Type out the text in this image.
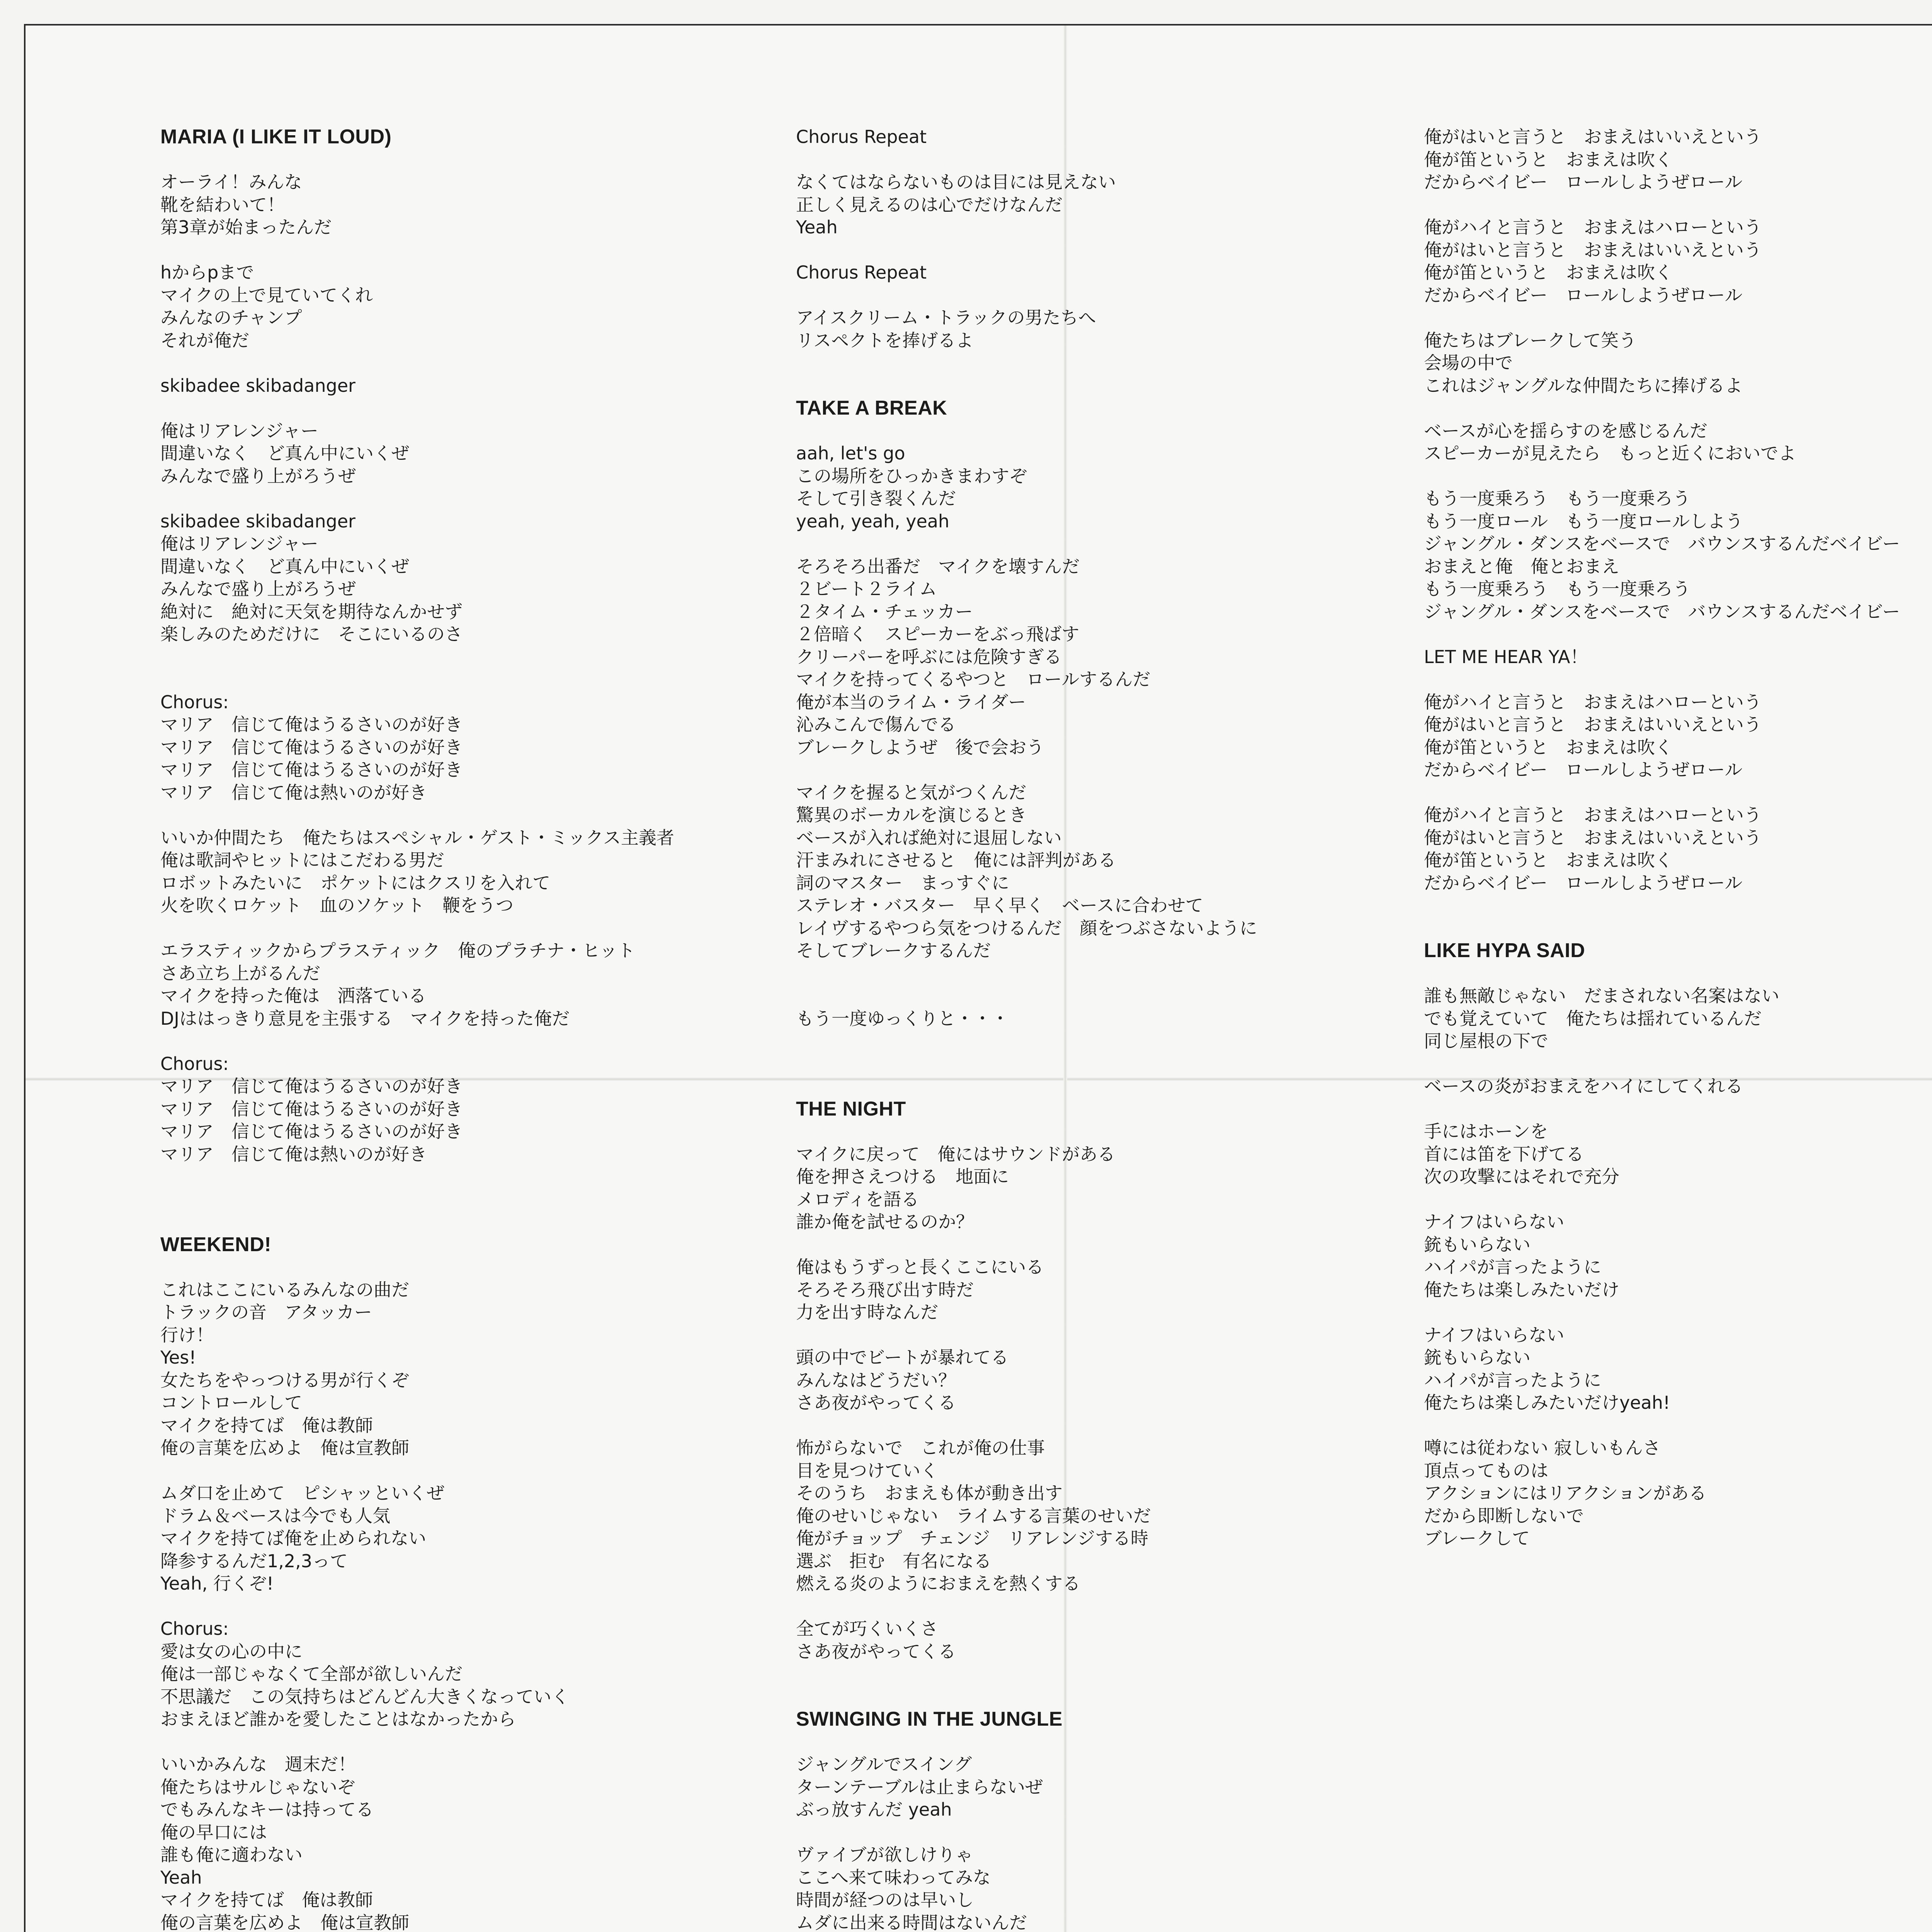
MARIA (I LIKE IT LOUD)
オーライ！みんな
靴を結わいて！
第3章が始まったんだ
hからpまで
マイクの上で見ていてくれ
みんなのチャンプ
それが俺だ
skibadee skibadanger
俺はリアレンジャー
間違いなく　ど真ん中にいくぜ
みんなで盛り上がろうぜ
skibadee skibadanger
俺はリアレンジャー
間違いなく　ど真ん中にいくぜ
みんなで盛り上がろうぜ
絶対に　絶対に天気を期待なんかせず
楽しみのためだけに　そこにいるのさ
Chorus:
マリア　信じて俺はうるさいのが好き
マリア　信じて俺はうるさいのが好き
マリア　信じて俺はうるさいのが好き
マリア　信じて俺は熱いのが好き
いいか仲間たち　俺たちはスペシャル・ゲスト・ミックス主義者
俺は歌詞やヒットにはこだわる男だ
ロボットみたいに　ポケットにはクスリを入れて
火を吹くロケット　血のソケット　鞭をうつ
エラスティックからプラスティック　俺のプラチナ・ヒット
さあ立ち上がるんだ
マイクを持った俺は　洒落ている
DJははっきり意見を主張する　マイクを持った俺だ
Chorus:
マリア　信じて俺はうるさいのが好き
マリア　信じて俺はうるさいのが好き
マリア　信じて俺はうるさいのが好き
マリア　信じて俺は熱いのが好き
WEEKEND!
これはここにいるみんなの曲だ
トラックの音　アタッカー
行け！
Yes!
女たちをやっつける男が行くぞ
コントロールして
マイクを持てば　俺は教師
俺の言葉を広めよ　俺は宣教師
ムダ口を止めて　ピシャッといくぜ
ドラム＆ベースは今でも人気
マイクを持てば俺を止められない
降参するんだ1,2,3って
Yeah, 行くぞ!
Chorus:
愛は女の心の中に
俺は一部じゃなくて全部が欲しいんだ
不思議だ　この気持ちはどんどん大きくなっていく
おまえほど誰かを愛したことはなかったから
いいかみんな　週末だ！
俺たちはサルじゃないぞ
でもみんなキーは持ってる
俺の早口には
誰も俺に適わない
Yeah
マイクを持てば　俺は教師
俺の言葉を広めよ　俺は宣教師
Chorus Repeat
なくてはならないものは目には見えない
正しく見えるのは心でだけなんだ
Yeah
Chorus Repeat
アイスクリーム・トラックの男たちへ
リスペクトを捧げるよ
TAKE A BREAK
aah, let's go
この場所をひっかきまわすぞ
そして引き裂くんだ
yeah, yeah, yeah
そろそろ出番だ　マイクを壊すんだ
２ビート２ライム
２タイム・チェッカー
２倍暗く　スピーカーをぶっ飛ばす
クリーパーを呼ぶには危険すぎる
マイクを持ってくるやつと　ロールするんだ
俺が本当のライム・ライダー
沁みこんで傷んでる
ブレークしようぜ　後で会おう
マイクを握ると気がつくんだ
驚異のボーカルを演じるとき
ベースが入れば絶対に退屈しない
汗まみれにさせると　俺には評判がある
詞のマスター　まっすぐに
ステレオ・バスター　早く早く　ベースに合わせて
レイヴするやつら気をつけるんだ　顔をつぶさないように
そしてブレークするんだ
もう一度ゆっくりと・・・
THE NIGHT
マイクに戻って　俺にはサウンドがある
俺を押さえつける　地面に
メロディを語る
誰か俺を試せるのか？
俺はもうずっと長くここにいる
そろそろ飛び出す時だ
力を出す時なんだ
頭の中でビートが暴れてる
みんなはどうだい？
さあ夜がやってくる
怖がらないで　これが俺の仕事
目を見つけていく
そのうち　おまえも体が動き出す
俺のせいじゃない　ライムする言葉のせいだ
俺がチョップ　チェンジ　リアレンジする時
選ぶ　拒む　有名になる
燃える炎のようにおまえを熱くする
全てが巧くいくさ
さあ夜がやってくる
SWINGING IN THE JUNGLE
ジャングルでスイング
ターンテーブルは止まらないぜ
ぶっ放すんだ yeah
ヴァイブが欲しけりゃ
ここへ来て味わってみな
時間が経つのは早いし
ムダに出来る時間はないんだ
俺がはいと言うと　おまえはいいえという
俺が笛というと　おまえは吹く
だからベイビー　ロールしようぜロール
俺がハイと言うと　おまえはハローという
俺がはいと言うと　おまえはいいえという
俺が笛というと　おまえは吹く
だからベイビー　ロールしようぜロール
俺たちはブレークして笑う
会場の中で
これはジャングルな仲間たちに捧げるよ
ベースが心を揺らすのを感じるんだ
スピーカーが見えたら　もっと近くにおいでよ
もう一度乗ろう　もう一度乗ろう
もう一度ロール　もう一度ロールしよう
ジャングル・ダンスをベースで　バウンスするんだベイビー
おまえと俺　俺とおまえ
もう一度乗ろう　もう一度乗ろう
ジャングル・ダンスをベースで　バウンスするんだベイビー
LET ME HEAR YA！
俺がハイと言うと　おまえはハローという
俺がはいと言うと　おまえはいいえという
俺が笛というと　おまえは吹く
だからベイビー　ロールしようぜロール
俺がハイと言うと　おまえはハローという
俺がはいと言うと　おまえはいいえという
俺が笛というと　おまえは吹く
だからベイビー　ロールしようぜロール
LIKE HYPA SAID
誰も無敵じゃない　だまされない名案はない
でも覚えていて　俺たちは揺れているんだ
同じ屋根の下で
ベースの炎がおまえをハイにしてくれる
手にはホーンを
首には笛を下げてる
次の攻撃にはそれで充分
ナイフはいらない
銃もいらない
ハイパが言ったように
俺たちは楽しみたいだけ
ナイフはいらない
銃もいらない
ハイパが言ったように
俺たちは楽しみたいだけyeah!
噂には従わない 寂しいもんさ
頂点ってものは
アクションにはリアクションがある
だから即断しないで
ブレークして
